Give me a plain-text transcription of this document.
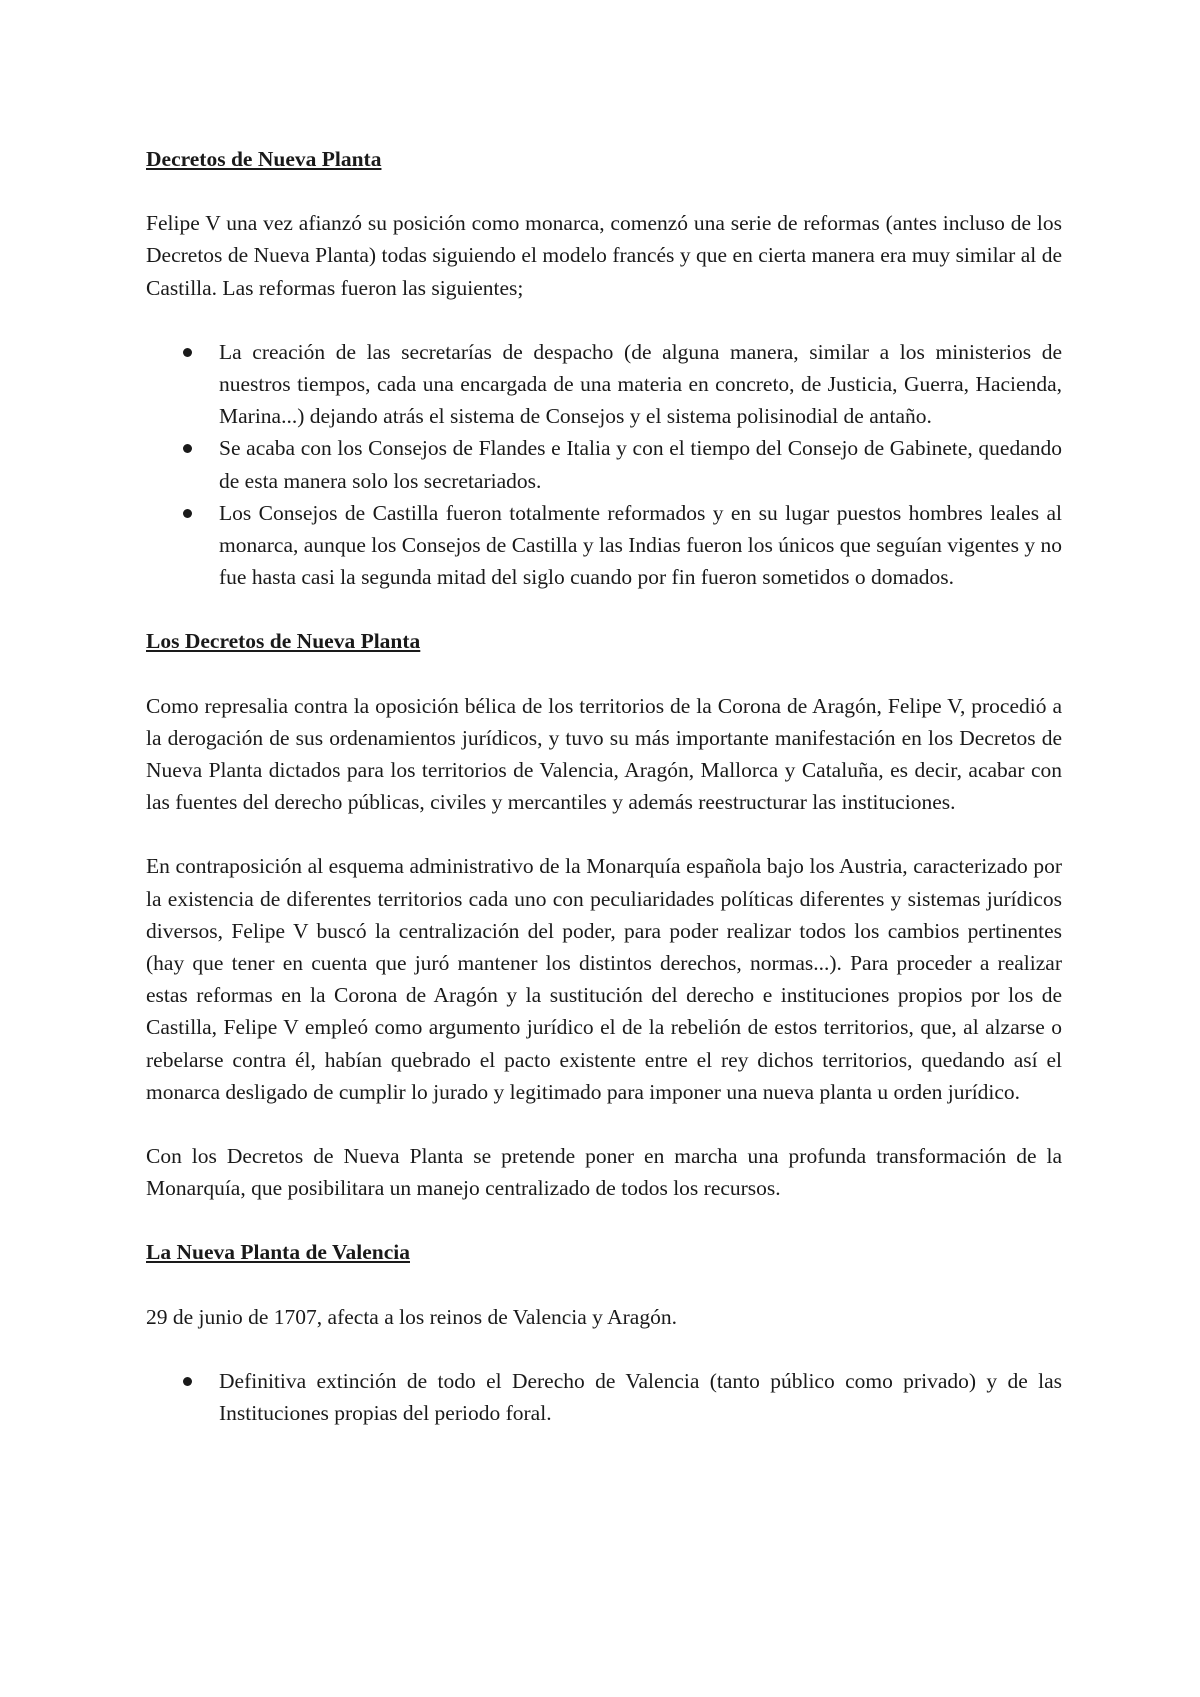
Decretos de Nueva Planta

Felipe V una vez afianzó su posición como monarca, comenzó una serie de reformas (antes incluso de los Decretos de Nueva Planta) todas siguiendo el modelo francés y que en cierta manera era muy similar al de Castilla. Las reformas fueron las siguientes;

La creación de las secretarías de despacho (de alguna manera, similar a los ministerios de nuestros tiempos, cada una encargada de una materia en concreto, de Justicia, Guerra, Hacienda, Marina...) dejando atrás el sistema de Consejos y el sistema polisinodial de antaño.
Se acaba con los Consejos de Flandes e Italia y con el tiempo del Consejo de Gabinete, quedando de esta manera solo los secretariados.
Los Consejos de Castilla fueron totalmente reformados y en su lugar puestos hombres leales al monarca, aunque los Consejos de Castilla y las Indias fueron los únicos que seguían vigentes y no fue hasta casi la segunda mitad del siglo cuando por fin fueron sometidos o domados.
Los Decretos de Nueva Planta

Como represalia contra la oposición bélica de los territorios de la Corona de Aragón, Felipe V, procedió a la derogación de sus ordenamientos jurídicos, y tuvo su más importante manifestación en los Decretos de Nueva Planta dictados para los territorios de Valencia, Aragón, Mallorca y Cataluña, es decir, acabar con las fuentes del derecho públicas, civiles y mercantiles y además reestructurar las instituciones.

En contraposición al esquema administrativo de la Monarquía española bajo los Austria, caracterizado por la existencia de diferentes territorios cada uno con peculiaridades políticas diferentes y sistemas jurídicos diversos, Felipe V buscó la centralización del poder, para poder realizar todos los cambios pertinentes (hay que tener en cuenta que juró mantener los distintos derechos, normas...). Para proceder a realizar estas reformas en la Corona de Aragón y la sustitución del derecho e instituciones propios por los de Castilla, Felipe V empleó como argumento jurídico el de la rebelión de estos territorios, que, al alzarse o rebelarse contra él, habían quebrado el pacto existente entre el rey dichos territorios, quedando así el monarca desligado de cumplir lo jurado y legitimado para imponer una nueva planta u orden jurídico.

Con los Decretos de Nueva Planta se pretende poner en marcha una profunda transformación de la Monarquía, que posibilitara un manejo centralizado de todos los recursos.

La Nueva Planta de Valencia

29 de junio de 1707, afecta a los reinos de Valencia y Aragón.

Definitiva extinción de todo el Derecho de Valencia (tanto público como privado) y de las Instituciones propias del periodo foral.
